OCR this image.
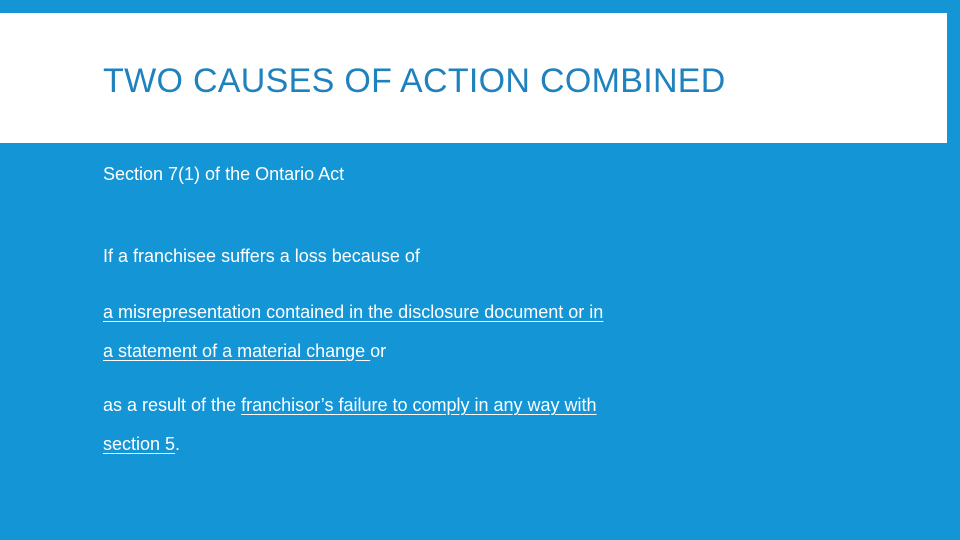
TWO CAUSES OF ACTION COMBINED
Section 7(1) of the Ontario Act
If a franchisee suffers a loss because of
a misrepresentation contained in the disclosure document or in
a statement of a material change or
as a result of the franchisor’s failure to comply in any way with
section 5.
